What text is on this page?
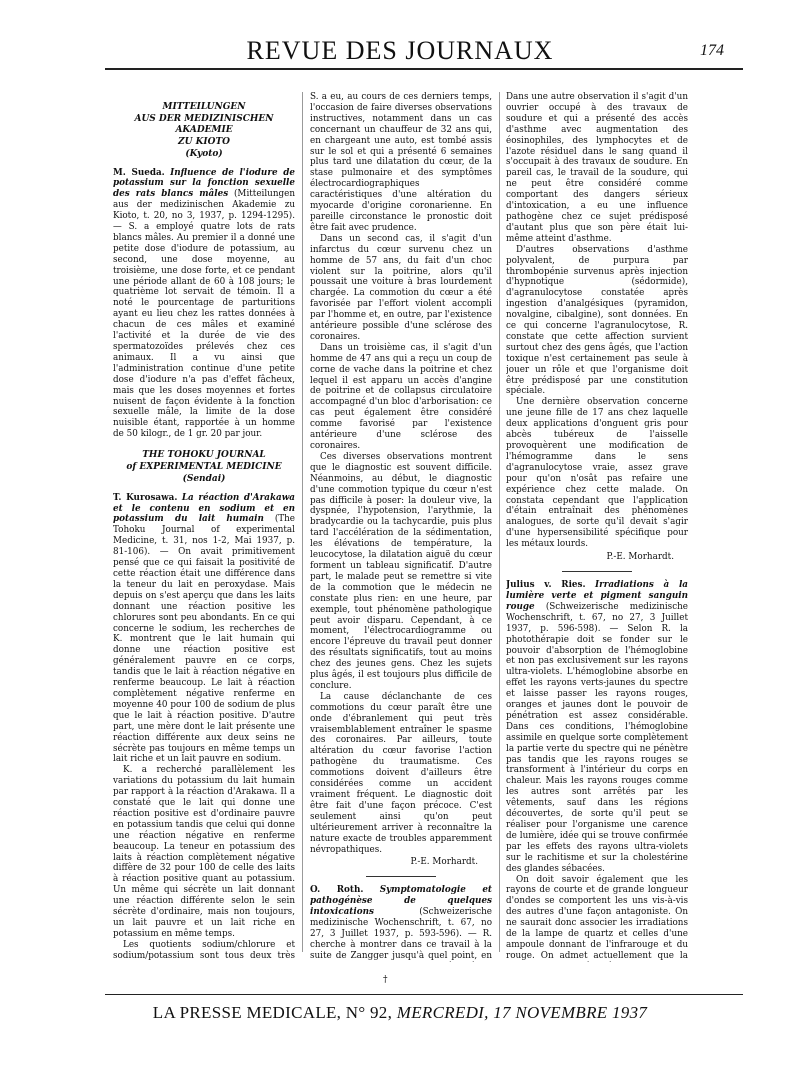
REVUE DES JOURNAUX	174
MITTEILUNGEN
AUS DER MEDIZINISCHEN AKADEMIE
ZU KIOTO
(Kyoto)

M. Sueda. Influence de l'iodure de potassium sur la fonction sexuelle des rats blancs mâles (Mitteilungen aus der medizinischen Akademie zu Kioto, t. 20, no 3, 1937, p. 1294-1295). — S. a employé quatre lots de rats blancs mâles. Au premier il a donné une petite dose d'iodure de potassium, au second, une dose moyenne, au troisième, une dose forte, et ce pendant une période allant de 60 à 108 jours; le quatrième lot servait de témoin. Il a noté le pourcentage de parturitions ayant eu lieu chez les rattes données à chacun de ces mâles et examiné l'activité et la durée de vie des spermatozoïdes prélevés chez ces animaux. Il a vu ainsi que l'administration continue d'une petite dose d'iodure n'a pas d'effet fâcheux, mais que les doses moyennes et fortes nuisent de façon évidente à la fonction sexuelle mâle, la limite de la dose nuisible étant, rapportée à un homme de 50 kilogr., de 1 gr. 20 par jour.

THE TOHOKU JOURNAL
of EXPERIMENTAL MEDICINE
(Sendai)

T. Kurosawa. La réaction d'Arakawa et le contenu en sodium et en potassium du lait humain (The Tohoku Journal of experimental Medicine, t. 31, nos 1-2, Mai 1937, p. 81-106). — On avait primitivement pensé que ce qui faisait la positivité de cette réaction était une différence dans la teneur du lait en peroxydase. Mais depuis on s'est aperçu que dans les laits donnant une réaction positive les chlorures sont peu abondants. En ce qui concerne le sodium, les recherches de K. montrent que le lait humain qui donne une réaction positive est généralement pauvre en ce corps, tandis que le lait à réaction négative en renferme beaucoup. Le lait à réaction complètement négative renferme en moyenne 40 pour 100 de sodium de plus que le lait à réaction positive. D'autre part, une mère dont le lait présente une réaction différente aux deux seins ne sécrète pas toujours en même temps un lait riche et un lait pauvre en sodium.

K. a recherché parallèlement les variations du potassium du lait humain par rapport à la réaction d'Arakawa. Il a constaté que le lait qui donne une réaction positive est d'ordinaire pauvre en potassium tandis que celui qui donne une réaction négative en renferme beaucoup. La teneur en potassium des laits à réaction complètement négative diffère de 32 pour 100 de celle des laits à réaction positive quant au potassium. Un même qui sécrète un lait donnant une réaction différente selon le sein sécrète d'ordinaire, mais non toujours, un lait pauvre et un lait riche en potassium en même temps.

Les quotients sodium/chlorure et sodium/potassium sont tous deux très

S. a eu, au cours de ces derniers temps, l'occasion de faire diverses observations instructives, notamment dans un cas concernant un chauffeur de 32 ans qui, en chargeant une auto, est tombé assis sur le sol et qui a présenté 6 semaines plus tard une dilatation du cœur, de la stase pulmonaire et des symptômes électrocardiographiques caractéristiques d'une altération du myocarde d'origine coronarienne. En pareille circonstance le pronostic doit être fait avec prudence.

Dans un second cas, il s'agit d'un infarctus du cœur survenu chez un homme de 57 ans, du fait d'un choc violent sur la poitrine, alors qu'il poussait une voiture à bras lourdement chargée. La commotion du cœur a été favorisée par l'effort violent accompli par l'homme et, en outre, par l'existence antérieure possible d'une sclérose des coronaires.

Dans un troisième cas, il s'agit d'un homme de 47 ans qui a reçu un coup de corne de vache dans la poitrine et chez lequel il est apparu un accès d'angine de poitrine et de collapsus circulatoire accompagné d'un bloc d'arborisation: ce cas peut également être considéré comme favorisé par l'existence antérieure d'une sclérose des coronaires.

Ces diverses observations montrent que le diagnostic est souvent difficile. Néanmoins, au début, le diagnostic d'une commotion typique du cœur n'est pas difficile à poser: la douleur vive, la dyspnée, l'hypotension, l'arythmie, la bradycardie ou la tachycardie, puis plus tard l'accélération de la sédimentation, les élévations de température, la leucocytose, la dilatation aiguë du cœur forment un tableau significatif. D'autre part, le malade peut se remettre si vite de la commotion que le médecin ne constate plus rien: en une heure, par exemple, tout phénomène pathologique peut avoir disparu. Cependant, à ce moment, l'électrocardiogramme ou encore l'épreuve du travail peut donner des résultats significatifs, tout au moins chez des jeunes gens. Chez les sujets plus âgés, il est toujours plus difficile de conclure.

La cause déclanchante de ces commotions du cœur paraît être une onde d'ébranlement qui peut très vraisemblablement entraîner le spasme des coronaires. Par ailleurs, toute altération du cœur favorise l'action pathogène du traumatisme. Ces commotions doivent d'ailleurs être considérées comme un accident vraiment fréquent. Le diagnostic doit être fait d'une façon précoce. C'est seulement ainsi qu'on peut ultérieurement arriver à reconnaître la nature exacte de troubles apparemment névropathiques.

P.-E. Morhardt.

O. Roth. Symptomatologie et pathogénèse de quelques intoxications	(Schweizerische medizinische Wochenschrift, t. 67, no 27, 3 Juillet 1937, p. 593-596). — R. cherche à montrer dans ce travail à la suite de Zangger jusqu'à quel point, en

Dans une autre observation il s'agit d'un ouvrier occupé à des travaux de soudure et qui a présenté des accès d'asthme avec augmentation des éosinophiles, des lymphocytes et de l'azote résiduel dans le sang quand il s'occupait à des travaux de soudure. En pareil cas, le travail de la soudure, qui ne peut être considéré comme comportant des dangers sérieux d'intoxication, a eu une influence pathogène chez ce sujet prédisposé d'autant plus que son père était lui-même atteint d'asthme.

D'autres observations d'asthme polyvalent, de purpura par thrombopénie survenus après injection d'hypnotique (sédormide), d'agranulocytose constatée après ingestion d'analgésiques (pyramidon, novalgine, cibalgine), sont données. En ce qui concerne l'agranulocytose, R. constate que cette affection survient surtout chez des gens âgés, que l'action toxique n'est certainement pas seule à jouer un rôle et que l'organisme doit être prédisposé par une constitution spéciale.

Une dernière observation concerne une jeune fille de 17 ans chez laquelle deux applications d'onguent gris pour abcès tubéreux de l'aisselle provoquèrent une modification de l'hémogramme dans le sens d'agranulocytose vraie, assez grave pour qu'on n'osât pas refaire une expérience chez cette malade. On constata cependant que l'application d'étain entraînait des phénomènes analogues, de sorte qu'il devait s'agir d'une hypersensibilité spécifique pour les métaux lourds.

P.-E. Morhardt.

Julius v. Ries. Irradiations à la lumière verte et pigment sanguin rouge (Schweizerische medizinische Wochenschrift, t. 67, no 27, 3 Juillet 1937, p. 596-598). — Selon R. la photothérapie doit se fonder sur le pouvoir d'absorption de l'hémoglobine et non pas exclusivement sur les rayons ultra-violets. L'hémoglobine absorbe en effet les rayons verts-jaunes du spectre et laisse passer les rayons rouges, oranges et jaunes dont le pouvoir de pénétration est assez considérable. Dans ces conditions, l'hémoglobine assimile en quelque sorte complètement la partie verte du spectre qui ne pénètre pas tandis que les rayons rouges se transforment à l'intérieur du corps en chaleur. Mais les rayons rouges comme les autres sont arrêtés par les vêtements, sauf dans les régions découvertes, de sorte qu'il peut se réaliser pour l'organisme une carence de lumière, idée qui se trouve confirmée par les effets des rayons ultra-violets sur le rachitisme et sur la cholestérine des glandes sébacées.

On doit savoir également que les rayons de courte et de grande longueur d'ondes se comportent les uns vis-à-vis des autres d'une façon antagoniste. On ne saurait donc associer les irradiations de la lampe de quartz et celles d'une ampoule donnant de l'infrarouge et du rouge. On admet actuellement que la

†
LA PRESSE MEDICALE, N° 92, MERCREDI, 17 NOVEMBRE 1937
